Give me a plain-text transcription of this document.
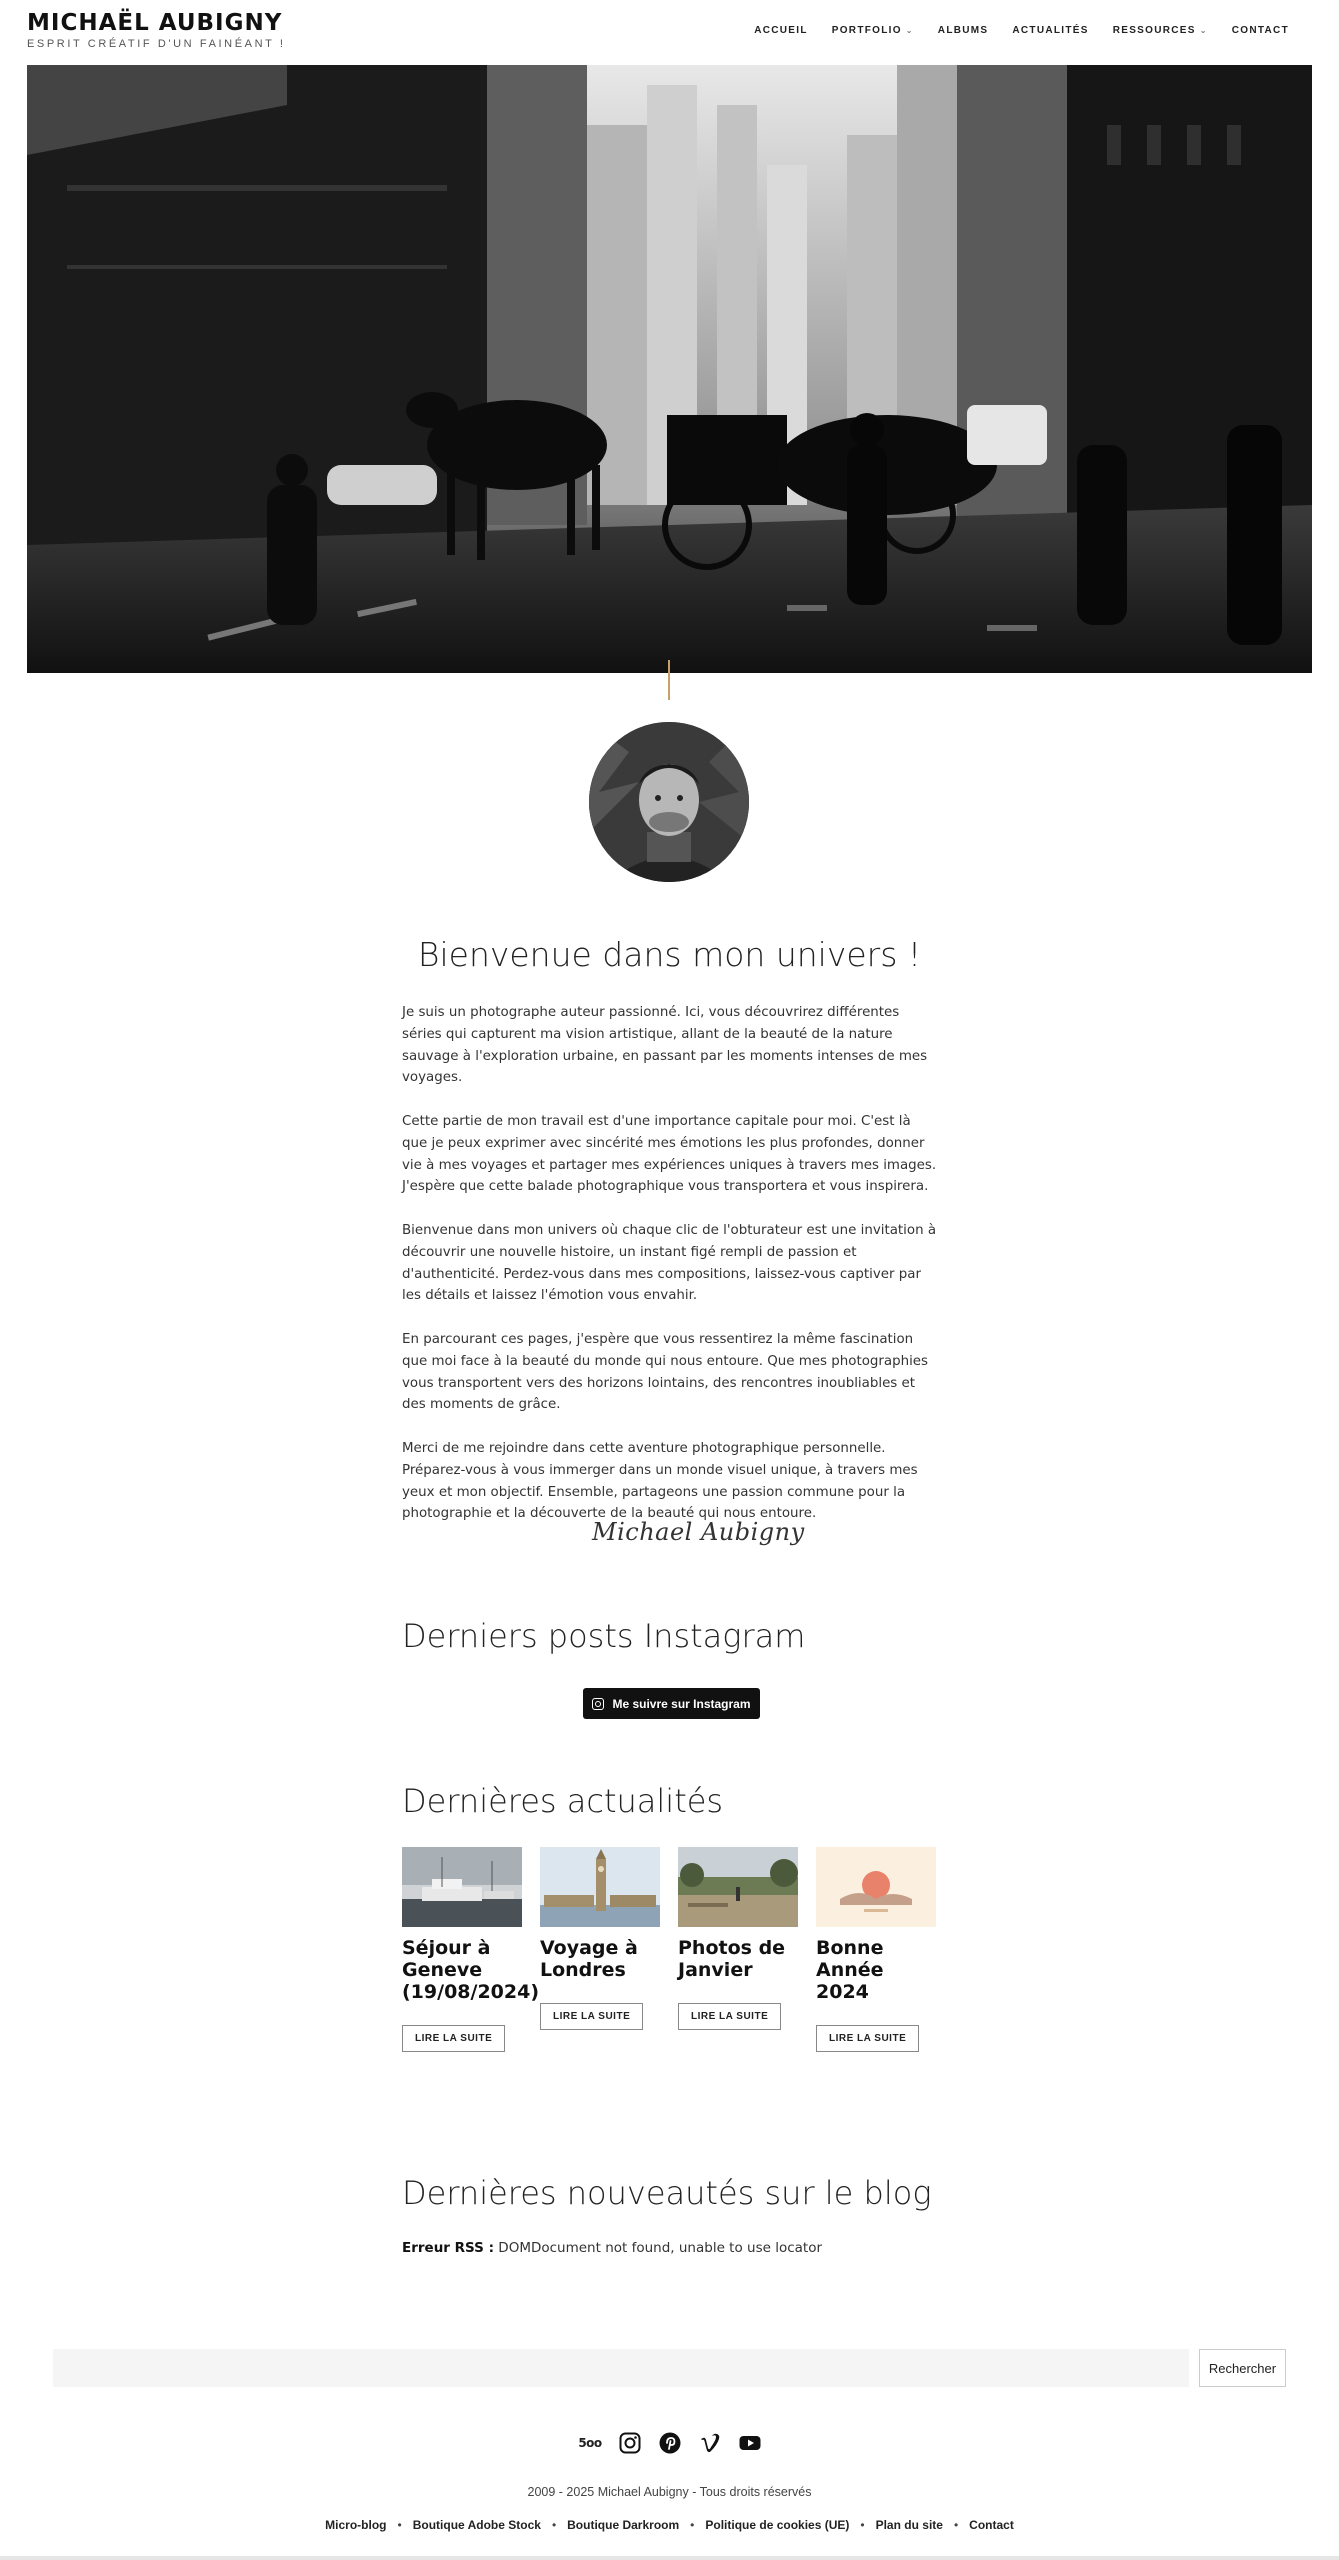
MICHAËL AUBIGNY
ESPRIT CRÉATIF D'UN FAINÉANT !
ACCUEIL PORTFOLIO ⌄ ALBUMS ACTUALITÉS RESSOURCES ⌄ CONTACT
Bienvenue dans mon univers !

Je suis un photographe auteur passionné. Ici, vous découvrirez différentes séries qui capturent ma vision artistique, allant de la beauté de la nature sauvage à l'exploration urbaine, en passant par les moments intenses de mes voyages.

Cette partie de mon travail est d'une importance capitale pour moi. C'est là que je peux exprimer avec sincérité mes émotions les plus profondes, donner vie à mes voyages et partager mes expériences uniques à travers mes images. J'espère que cette balade photographique vous transportera et vous inspirera.

Bienvenue dans mon univers où chaque clic de l'obturateur est une invitation à découvrir une nouvelle histoire, un instant figé rempli de passion et d'authenticité. Perdez-vous dans mes compositions, laissez-vous captiver par les détails et laissez l'émotion vous envahir.

En parcourant ces pages, j'espère que vous ressentirez la même fascination que moi face à la beauté du monde qui nous entoure. Que mes photographies vous transportent vers des horizons lointains, des rencontres inoubliables et des moments de grâce.

Merci de me rejoindre dans cette aventure photographique personnelle. Préparez-vous à vous immerger dans un monde visuel unique, à travers mes yeux et mon objectif. Ensemble, partageons une passion commune pour la photographie et la découverte de la beauté qui nous entoure.

Michael Aubigny
Derniers posts Instagram
Me suivre sur Instagram
Dernières actualités
Séjour à Geneve (19/08/2024)
LIRE LA SUITE
Voyage à Londres
LIRE LA SUITE
Photos de Janvier
LIRE LA SUITE
Bonne Année 2024
LIRE LA SUITE
Dernières nouveautés sur le blog
Erreur RSS : DOMDocument not found, unable to use locator
Rechercher
5oo
2009 - 2025 Michael Aubigny - Tous droits réservés
Micro-blog • Boutique Adobe Stock • Boutique Darkroom • Politique de cookies (UE) • Plan du site • Contact
